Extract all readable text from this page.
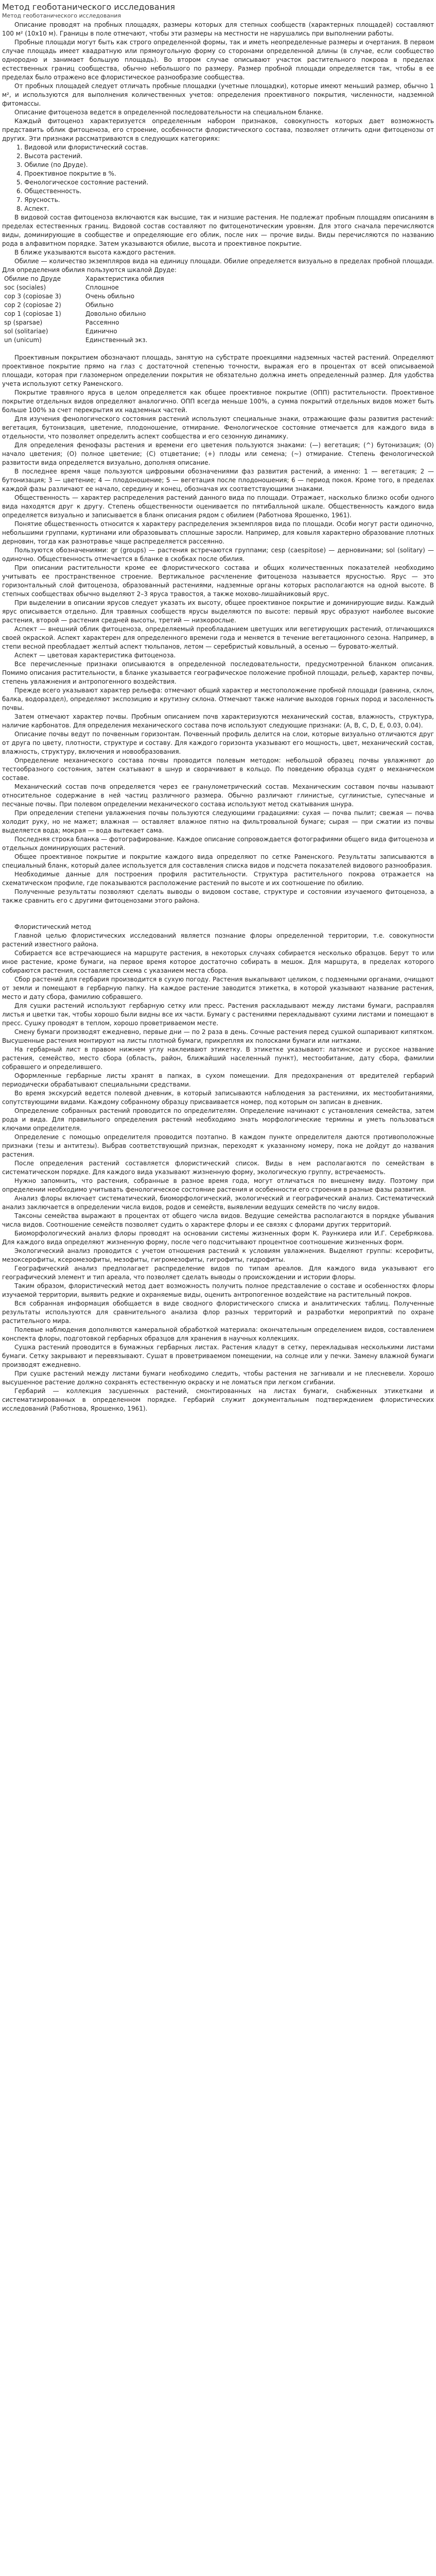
Метод геоботанического исследования
Метод геоботанического исследования

Описание проводят на пробных площадях, размеры которых для степных сообществ (характерных площадей) составляют 100 м² (10х10 м). Границы в поле отмечают, чтобы эти размеры на местности не нарушались при выполнении работы.

Пробные площади могут быть как строго определенной формы, так и иметь неопределенные размеры и очертания. В первом случае площадь имеет квадратную или прямоугольную форму со сторонами определенной длины (в случае, если сообщество однородно и занимает большую площадь). Во втором случае описывают участок растительного покрова в пределах естественных границ сообщества, обычно небольшого по размеру. Размер пробной площади определяется так, чтобы в ее пределах было отражено все флористическое разнообразие сообщества.

От пробных площадей следует отличать пробные площадки (учетные площадки), которые имеют меньший размер, обычно 1 м², и используются для выполнения количественных учетов: определения проективного покрытия, численности, надземной фитомассы.

Описание фитоценоза ведется в определенной последовательности на специальном бланке.

Каждый фитоценоз характеризуется определенным набором признаков, совокупность которых дает возможность представить облик фитоценоза, его строение, особенности флористического состава, позволяет отличить одни фитоценозы от других. Эти признаки рассматриваются в следующих категориях:

1. Видовой или флористический состав.
2. Высота растений.
3. Обилие (по Друде).
4. Проективное покрытие в %.
5. Фенологическое состояние растений.
6. Общественность.
7. Ярусность.
8. Аспект.

В видовой состав фитоценоза включаются как высшие, так и низшие растения. Не подлежат пробным площадям описаниям в пределах естественных границ. Видовой состав составляют по фитоценотическим уровням. Для этого сначала перечисляются виды, доминирующие в сообществе и определяющие его облик, после них — прочие виды. Виды перечисляются по названию рода в алфавитном порядке. Затем указываются обилие, высота и проективное покрытие.

В ближе указываются высота каждого растения.

Обилие — количество экземпляров вида на единицу площади. Обилие определяется визуально в пределах пробной площади. Для определения обилия пользуются шкалой Друде:

Обилие по Друде	Характеристика обилия
soc (sociales)	Сплошное
cop 3 (copiosae 3)	Очень обильно
cop 2 (copiosae 2)	Обильно
cop 1 (copiosae 1)	Довольно обильно
sp (sparsae)	Рассеянно
sol (solitariae)	Единично
un (unicum)	Единственный экз.

Проективным покрытием обозначают площадь, занятую на субстрате проекциями надземных частей растений. Определяют проективное покрытие прямо на глаз с достаточной степенью точности, выражая его в процентах от всей описываемой площади, которая при глазомерном определении покрытия не обязательно должна иметь определенный размер. Для удобства учета используют сетку Раменского.

Покрытие травяного яруса в целом определяется как общее проективное покрытие (ОПП) растительности. Проективное покрытие отдельных видов определяют аналогично. ОПП всегда меньше 100%, а сумма покрытий отдельных видов может быть больше 100% за счет перекрытия их надземных частей.

Для изучения фенологического состояния растений используют специальные знаки, отражающие фазы развития растений: вегетация, бутонизация, цветение, плодоношение, отмирание. Фенологическое состояние отмечается для каждого вида в отдельности, что позволяет определить аспект сообщества и его сезонную динамику.

Для определения фенофазы растения и времени его цветения пользуются знаками: (—) вегетация; (^) бутонизация; (О) начало цветения; (О) полное цветение; (С) отцветание; (+) плоды или семена; (~) отмирание. Степень фенологической развитости вида определяется визуально, дополняя описание.

В последнее время чаще пользуются цифровыми обозначениями фаз развития растений, а именно: 1 — вегетация; 2 — бутонизация; 3 — цветение; 4 — плодоношение; 5 — вегетация после плодоношения; 6 — период покоя. Кроме того, в пределах каждой фазы различают ее начало, середину и конец, обозначая их соответствующими знаками.

Общественность — характер распределения растений данного вида по площади. Отражает, насколько близко особи одного вида находятся друг к другу. Степень общественности оценивается по пятибалльной шкале. Общественность каждого вида определяется визуально и записывается в бланк описания рядом с обилием (Работнова Ярошенко, 1961).

Понятие общественность относится к характеру распределения экземпляров вида по площади. Особи могут расти одиночно, небольшими группами, куртинами или образовывать сплошные заросли. Например, для ковыля характерно образование плотных дерновин, тогда как разнотравье чаще распределяется рассеянно.

Пользуются обозначениями: gr (groups) — растения встречаются группами; cesp (caespitose) — дерновинами; sol (solitary) — одиночно. Общественность отмечается в бланке в скобках после обилия.

При описании растительности кроме ее флористического состава и общих количественных показателей необходимо учитывать ее пространственное строение. Вертикальное расчленение фитоценоза называется ярусностью. Ярус — это горизонтальный слой фитоценоза, образованный растениями, надземные органы которых располагаются на одной высоте. В степных сообществах обычно выделяют 2–3 яруса травостоя, а также мохово-лишайниковый ярус.

При выделении в описании ярусов следует указать их высоту, общее проективное покрытие и доминирующие виды. Каждый ярус описывается отдельно. Для травяных сообществ ярусы выделяются по высоте: первый ярус образуют наиболее высокие растения, второй — растения средней высоты, третий — низкорослые.

Аспект — внешний облик фитоценоза, определяемый преобладанием цветущих или вегетирующих растений, отличающихся своей окраской. Аспект характерен для определенного времени года и меняется в течение вегетационного сезона. Например, в степи весной преобладает желтый аспект тюльпанов, летом — серебристый ковыльный, а осенью — буровато-желтый.

Аспект — цветовая характеристика фитоценоза.

Все перечисленные признаки описываются в определенной последовательности, предусмотренной бланком описания. Помимо описания растительности, в бланке указывается географическое положение пробной площади, рельеф, характер почвы, степень увлажнения и антропогенного воздействия.

Прежде всего указывают характер рельефа: отмечают общий характер и местоположение пробной площади (равнина, склон, балка, водораздел), определяют экспозицию и крутизну склона. Отмечают также наличие выходов горных пород и засоленность почвы.

Затем отмечают характер почвы. Пробным описанием почв характеризуются механический состав, влажность, структура, наличие карбонатов. Для определения механического состава почв используют следующие признаки: (A, B, C, D, E, 0.03, 0.04).

Описание почвы ведут по почвенным горизонтам. Почвенный профиль делится на слои, которые визуально отличаются друг от друга по цвету, плотности, структуре и составу. Для каждого горизонта указывают его мощность, цвет, механический состав, влажность, структуру, включения и новообразования.

Определение механического состава почвы проводится полевым методом: небольшой образец почвы увлажняют до тестообразного состояния, затем скатывают в шнур и сворачивают в кольцо. По поведению образца судят о механическом составе.

Механический состав почв определяется через ее гранулометрический состав. Механическим составом почвы называют относительное содержание в ней частиц различного размера. Обычно различают глинистые, суглинистые, супесчаные и песчаные почвы. При полевом определении механического состава используют метод скатывания шнура.

При определении степени увлажнения почвы пользуются следующими градациями: сухая — почва пылит; свежая — почва холодит руку, но не мажет; влажная — оставляет влажное пятно на фильтровальной бумаге; сырая — при сжатии из почвы выделяется вода; мокрая — вода вытекает сама.

Последняя строка бланка — фотографирование. Каждое описание сопровождается фотографиями общего вида фитоценоза и отдельных доминирующих растений.

Общее проективное покрытие и покрытие каждого вида определяют по сетке Раменского. Результаты записываются в специальный бланк, который далее используется для составления списка видов и подсчета показателей видового разнообразия.

Необходимые данные для построения профиля растительности. Структура растительного покрова отражается на схематическом профиле, где показываются расположение растений по высоте и их соотношение по обилию.

Полученные результаты позволяют сделать выводы о видовом составе, структуре и состоянии изучаемого фитоценоза, а также сравнить его с другими фитоценозами этого района.

Флористический метод

Главной целью флористических исследований является познание флоры определенной территории, т.е. совокупности растений известного района.

Собирается все встречающиеся на маршруте растения, в некоторых случаях собирается несколько образцов. Берут то или иное растение, кроме бумаги, на первое время которое достаточно собирать в мешок. Для маршрута, в пределах которого собираются растения, составляется схема с указанием места сбора.

Сбор растений для гербария производится в сухую погоду. Растения выкапывают целиком, с подземными органами, очищают от земли и помещают в гербарную папку. На каждое растение заводится этикетка, в которой указывают название растения, место и дату сбора, фамилию собравшего.

Для сушки растений используют гербарную сетку или пресс. Растения раскладывают между листами бумаги, расправляя листья и цветки так, чтобы хорошо были видны все их части. Бумагу с растениями перекладывают сухими листами и помещают в пресс. Сушку проводят в теплом, хорошо проветриваемом месте.

Смену бумаги производят ежедневно, первые дни — по 2 раза в день. Сочные растения перед сушкой ошпаривают кипятком. Высушенные растения монтируют на листы плотной бумаги, прикрепляя их полосками бумаги или нитками.

На гербарный лист в правом нижнем углу наклеивают этикетку. В этикетке указывают: латинское и русское название растения, семейство, место сбора (область, район, ближайший населенный пункт), местообитание, дату сбора, фамилии собравшего и определившего.

Оформленные гербарные листы хранят в папках, в сухом помещении. Для предохранения от вредителей гербарий периодически обрабатывают специальными средствами.

Во время экскурсий ведется полевой дневник, в который записываются наблюдения за растениями, их местообитаниями, сопутствующими видами. Каждому собранному образцу присваивается номер, под которым он записан в дневник.

Определение собранных растений проводится по определителям. Определение начинают с установления семейства, затем рода и вида. Для правильного определения растений необходимо знать морфологические термины и уметь пользоваться ключами определителя.

Определение с помощью определителя проводится поэтапно. В каждом пункте определителя даются противоположные признаки (тезы и антитезы). Выбрав соответствующий признак, переходят к указанному номеру, пока не дойдут до названия растения.

После определения растений составляется флористический список. Виды в нем располагаются по семействам в систематическом порядке. Для каждого вида указывают жизненную форму, экологическую группу, встречаемость.

Нужно запомнить, что растения, собранные в разное время года, могут отличаться по внешнему виду. Поэтому при определении необходимо учитывать фенологическое состояние растения и особенности его строения в разные фазы развития.

Анализ флоры включает систематический, биоморфологический, экологический и географический анализ. Систематический анализ заключается в определении числа видов, родов и семейств, выявлении ведущих семейств по числу видов.

Таксоны семейства выражают в процентах от общего числа видов. Ведущие семейства располагаются в порядке убывания числа видов. Соотношение семейств позволяет судить о характере флоры и ее связях с флорами других территорий.

Биоморфологический анализ флоры проводят на основании системы жизненных форм К. Раункиера или И.Г. Серебрякова. Для каждого вида определяют жизненную форму, после чего подсчитывают процентное соотношение жизненных форм.

Экологический анализ проводится с учетом отношения растений к условиям увлажнения. Выделяют группы: ксерофиты, мезоксерофиты, ксеромезофиты, мезофиты, гигромезофиты, гигрофиты, гидрофиты.

Географический анализ предполагает распределение видов по типам ареалов. Для каждого вида указывают его географический элемент и тип ареала, что позволяет сделать выводы о происхождении и истории флоры.

Таким образом, флористический метод дает возможность получить полное представление о составе и особенностях флоры изучаемой территории, выявить редкие и охраняемые виды, оценить антропогенное воздействие на растительный покров.

Вся собранная информация обобщается в виде сводного флористического списка и аналитических таблиц. Полученные результаты используются для сравнительного анализа флор разных территорий и разработки мероприятий по охране растительного мира.

Полевые наблюдения дополняются камеральной обработкой материала: окончательным определением видов, составлением конспекта флоры, подготовкой гербарных образцов для хранения в научных коллекциях.

Сушка растений проводится в бумажных гербарных листах. Растения кладут в сетку, перекладывая несколькими листами бумаги. Сетку закрывают и перевязывают. Сушат в проветриваемом помещении, на солнце или у печки. Замену влажной бумаги производят ежедневно.

При сушке растений между листами бумаги необходимо следить, чтобы растения не загнивали и не плесневели. Хорошо высушенное растение должно сохранять естественную окраску и не ломаться при легком сгибании.

Гербарий — коллекция засушенных растений, смонтированных на листах бумаги, снабженных этикетками и систематизированных в определенном порядке. Гербарий служит документальным подтверждением флористических исследований (Работнова, Ярошенко, 1961).
